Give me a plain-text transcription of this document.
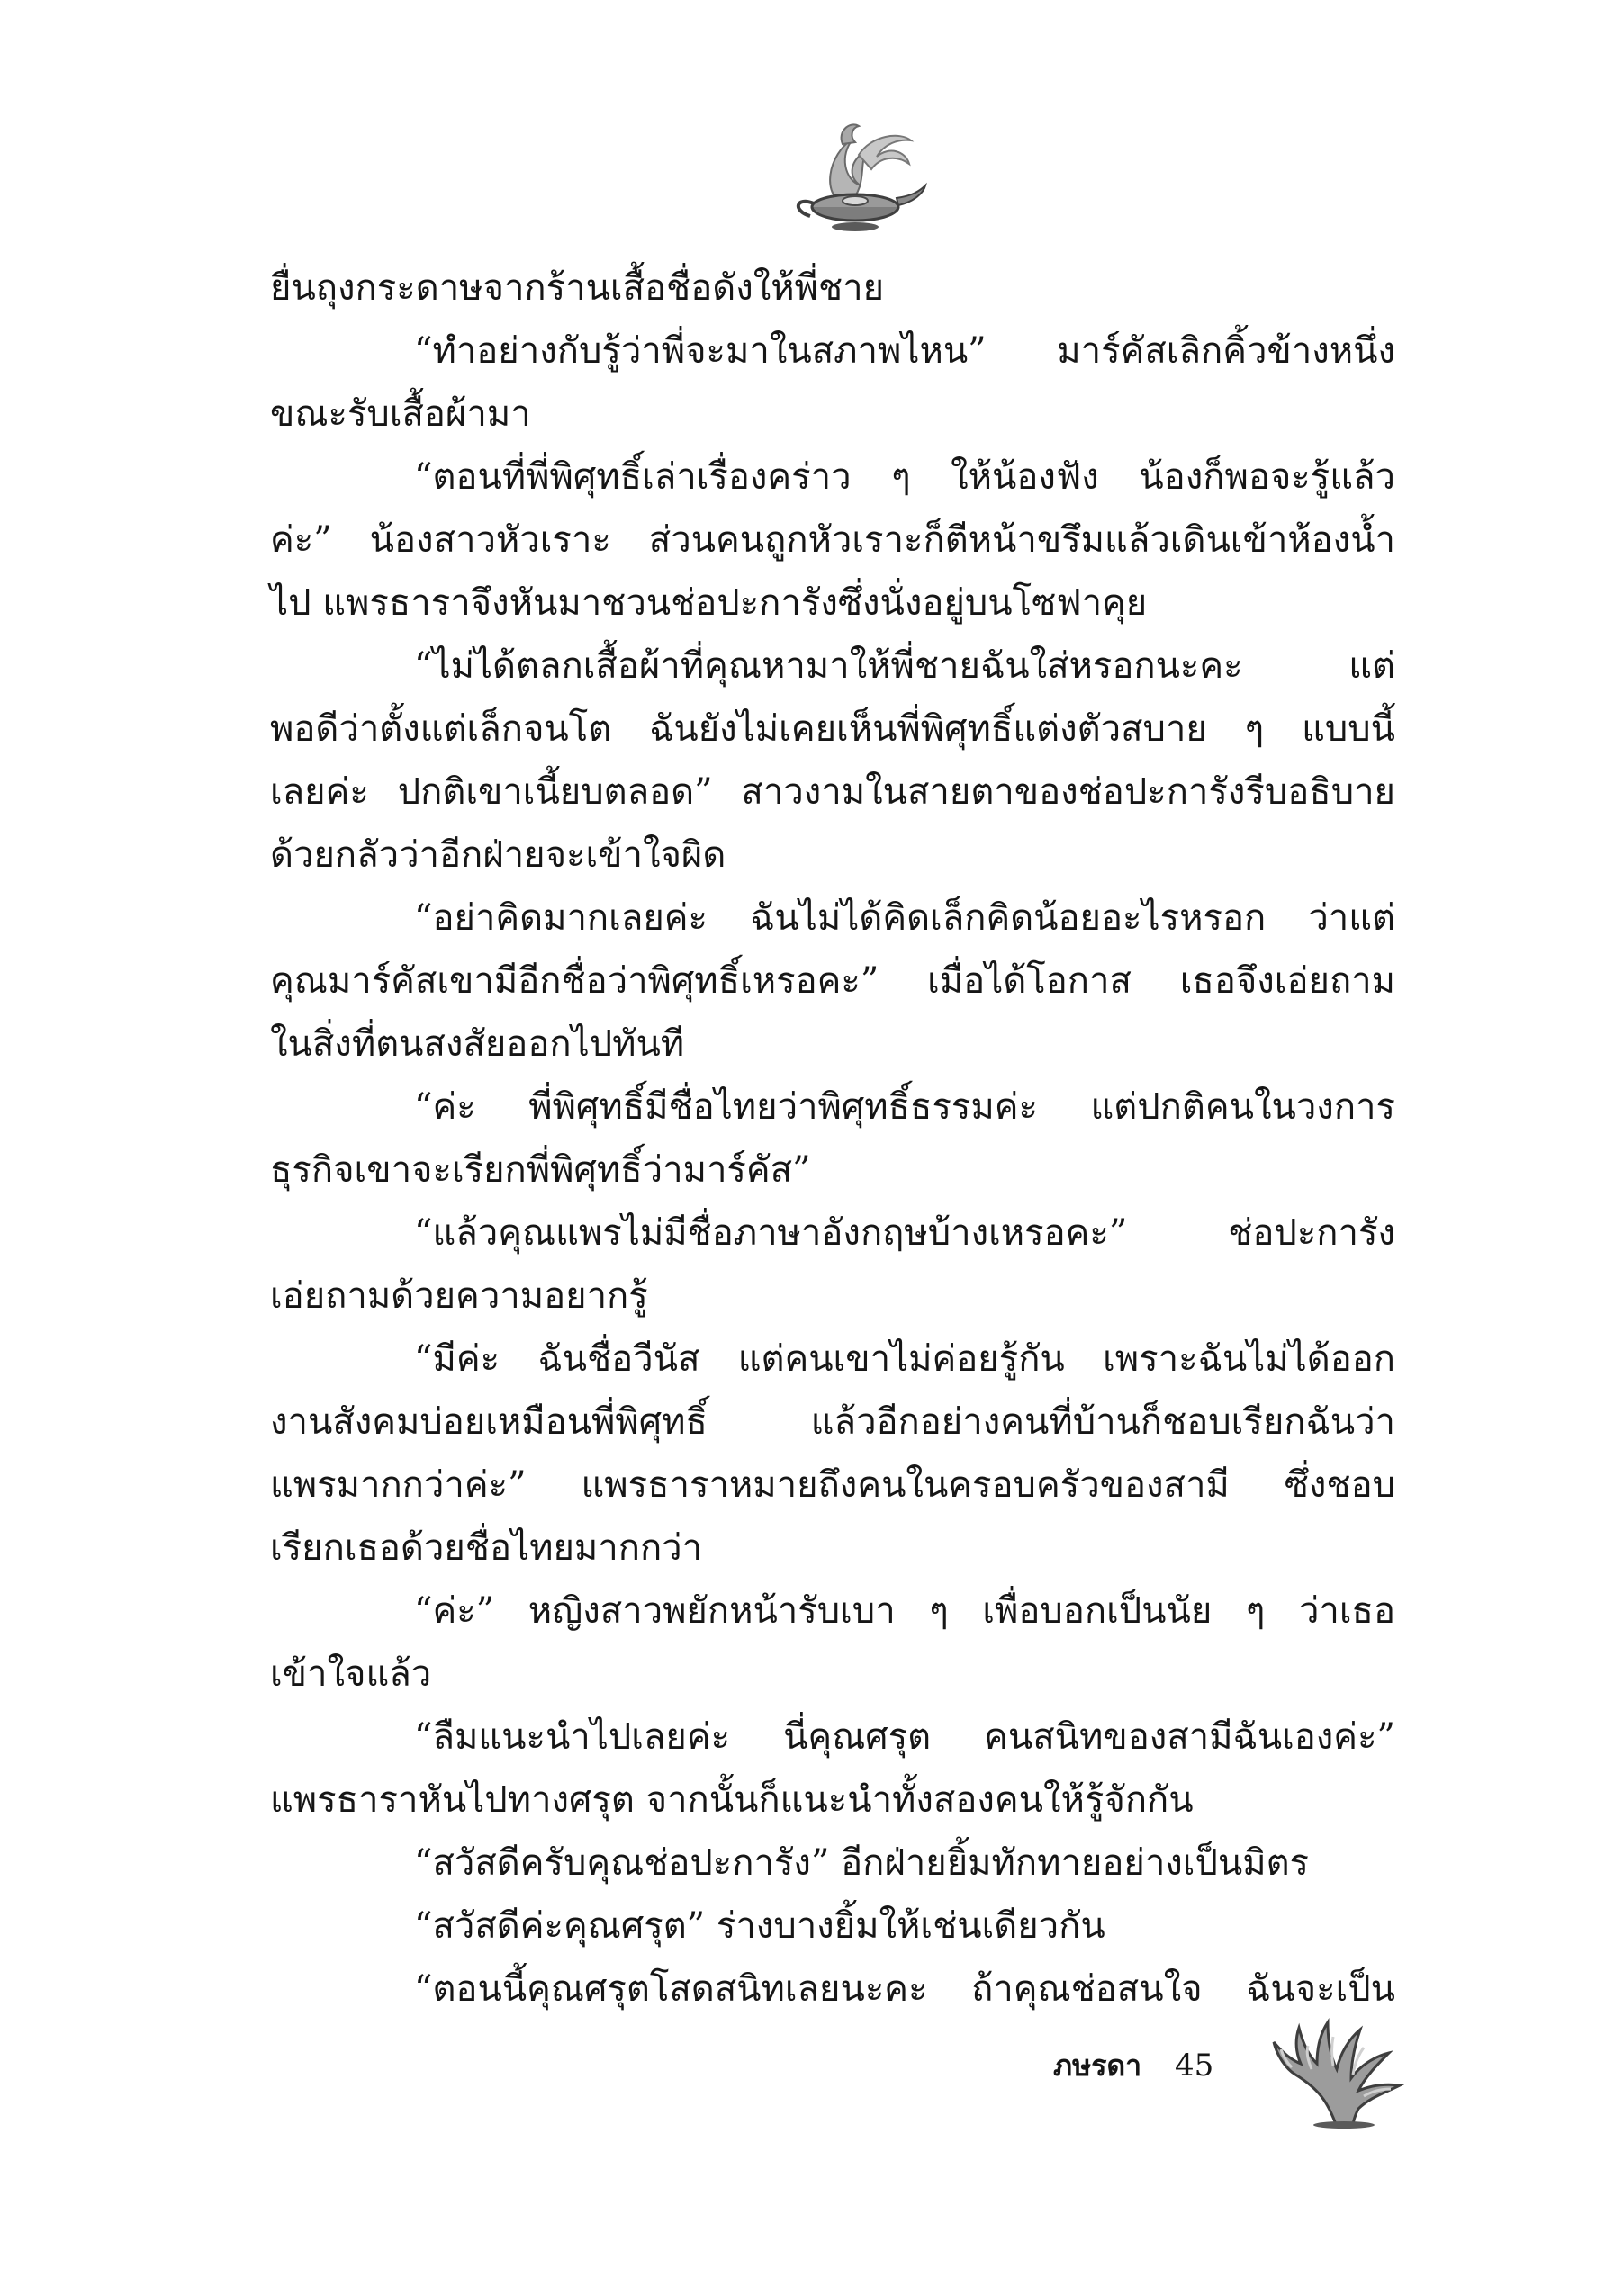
ยื่นถุงกระดาษจากร้านเสื้อชื่อดังให้พี่ชาย
“ทำอย่างกับรู้ว่าพี่จะมาในสภาพไหน” มาร์คัสเลิกคิ้วข้างหนึ่ง
ขณะรับเสื้อผ้ามา
“ตอนที่พี่พิศุทธิ์เล่าเรื่องคร่าว ๆ ให้น้องฟัง น้องก็พอจะรู้แล้ว
ค่ะ” น้องสาวหัวเราะ ส่วนคนถูกหัวเราะก็ตีหน้าขรึมแล้วเดินเข้าห้องน้ำ
ไป แพรธาราจึงหันมาชวนช่อปะการังซึ่งนั่งอยู่บนโซฟาคุย
“ไม่ได้ตลกเสื้อผ้าที่คุณหามาให้พี่ชายฉันใส่หรอกนะคะ แต่
พอดีว่าตั้งแต่เล็กจนโต ฉันยังไม่เคยเห็นพี่พิศุทธิ์แต่งตัวสบาย ๆ แบบนี้
เลยค่ะ ปกติเขาเนี้ยบตลอด” สาวงามในสายตาของช่อปะการังรีบอธิบาย
ด้วยกลัวว่าอีกฝ่ายจะเข้าใจผิด
“อย่าคิดมากเลยค่ะ ฉันไม่ได้คิดเล็กคิดน้อยอะไรหรอก ว่าแต่
คุณมาร์คัสเขามีอีกชื่อว่าพิศุทธิ์เหรอคะ” เมื่อได้โอกาส เธอจึงเอ่ยถาม
ในสิ่งที่ตนสงสัยออกไปทันที
“ค่ะ พี่พิศุทธิ์มีชื่อไทยว่าพิศุทธิ์ธรรมค่ะ แต่ปกติคนในวงการ
ธุรกิจเขาจะเรียกพี่พิศุทธิ์ว่ามาร์คัส”
“แล้วคุณแพรไม่มีชื่อภาษาอังกฤษบ้างเหรอคะ” ช่อปะการัง
เอ่ยถามด้วยความอยากรู้
“มีค่ะ ฉันชื่อวีนัส แต่คนเขาไม่ค่อยรู้กัน เพราะฉันไม่ได้ออก
งานสังคมบ่อยเหมือนพี่พิศุทธิ์ แล้วอีกอย่างคนที่บ้านก็ชอบเรียกฉันว่า
แพรมากกว่าค่ะ” แพรธาราหมายถึงคนในครอบครัวของสามี ซึ่งชอบ
เรียกเธอด้วยชื่อไทยมากกว่า
“ค่ะ” หญิงสาวพยักหน้ารับเบา ๆ เพื่อบอกเป็นนัย ๆ ว่าเธอ
เข้าใจแล้ว
“ลืมแนะนำไปเลยค่ะ นี่คุณศรุต คนสนิทของสามีฉันเองค่ะ”
แพรธาราหันไปทางศรุต จากนั้นก็แนะนำทั้งสองคนให้รู้จักกัน
“สวัสดีครับคุณช่อปะการัง” อีกฝ่ายยิ้มทักทายอย่างเป็นมิตร
“สวัสดีค่ะคุณศรุต” ร่างบางยิ้มให้เช่นเดียวกัน
“ตอนนี้คุณศรุตโสดสนิทเลยนะคะ ถ้าคุณช่อสนใจ ฉันจะเป็น
ภษรดา 45
